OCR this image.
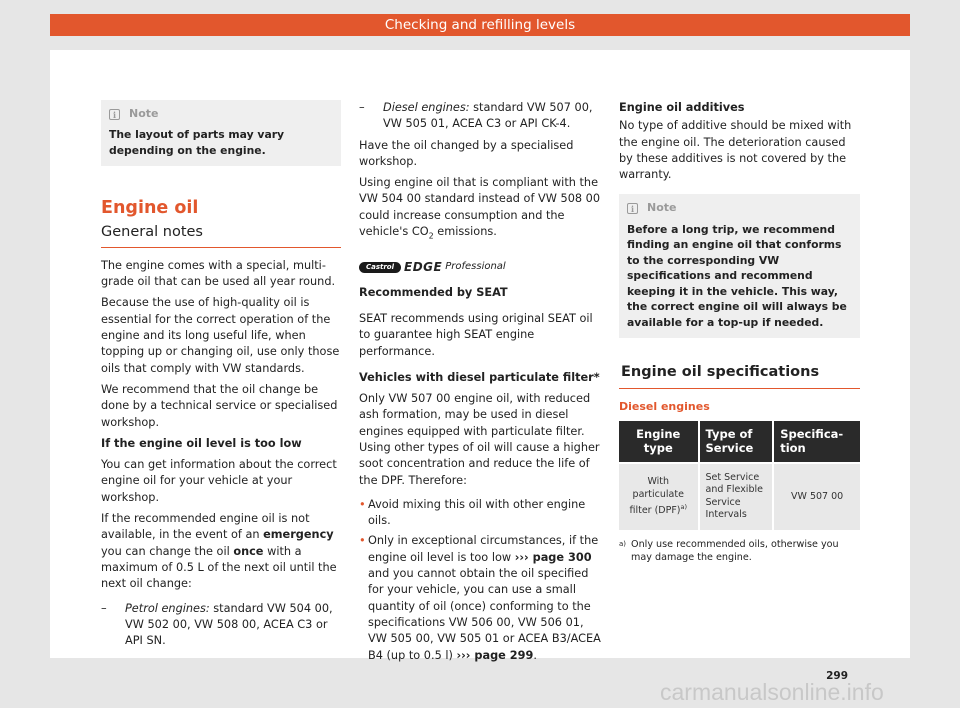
Checking and refilling levels
i	Note
The layout of parts may vary depending on the engine.
Engine oil
General notes

The engine comes with a special, multi-grade oil that can be used all year round.

Because the use of high-quality oil is essential for the correct operation of the engine and its long useful life, when topping up or changing oil, use only those oils that comply with VW standards.

We recommend that the oil change be done by a technical service or specialised workshop.

If the engine oil level is too low

You can get information about the correct engine oil for your vehicle at your workshop.

If the recommended engine oil is not available, in the event of an emergency you can change the oil once with a maximum of 0.5 L of the next oil until the next oil change:

–	Petrol engines: standard VW 504 00, VW 502 00, VW 508 00, ACEA C3 or API SN.
–	Diesel engines: standard VW 507 00, VW 505 01, ACEA C3 or API CK-4.

Have the oil changed by a specialised workshop.

Using engine oil that is compliant with the VW 504 00 standard instead of VW 508 00 could increase consumption and the vehicle's $CO_2$ emissions.

Castrol EDGE Professional

Recommended by SEAT

SEAT recommends using original SEAT oil to guarantee high SEAT engine performance.

Vehicles with diesel particulate filter*

Only VW 507 00 engine oil, with reduced ash formation, may be used in diesel engines equipped with particulate filter. Using other types of oil will cause a higher soot concentration and reduce the life of the DPF. Therefore:

• Avoid mixing this oil with other engine oils.
• Only in exceptional circumstances, if the engine oil level is too low ››› page 300 and you cannot obtain the oil specified for your vehicle, you can use a small quantity of oil (once) conforming to the specifications VW 506 00, VW 506 01, VW 505 00, VW 505 01 or ACEA B3/ACEA B4 (up to 0.5 l) ››› page 299.

Engine oil additives

No type of additive should be mixed with the engine oil. The deterioration caused by these additives is not covered by the warranty.

i	Note
Before a long trip, we recommend finding an engine oil that conforms to the corresponding VW specifications and recommend keeping it in the vehicle. This way, the correct engine oil will always be available for a top-up if needed.
Engine oil specifications
Diesel engines
Engine type	Type of Service	Specification
With particulate filter (DPF)$^{a)}$	Set Service and Flexible Service Intervals	VW 507 00
a) Only use recommended oils, otherwise you may damage the engine.
299
carmanualsonline.info
